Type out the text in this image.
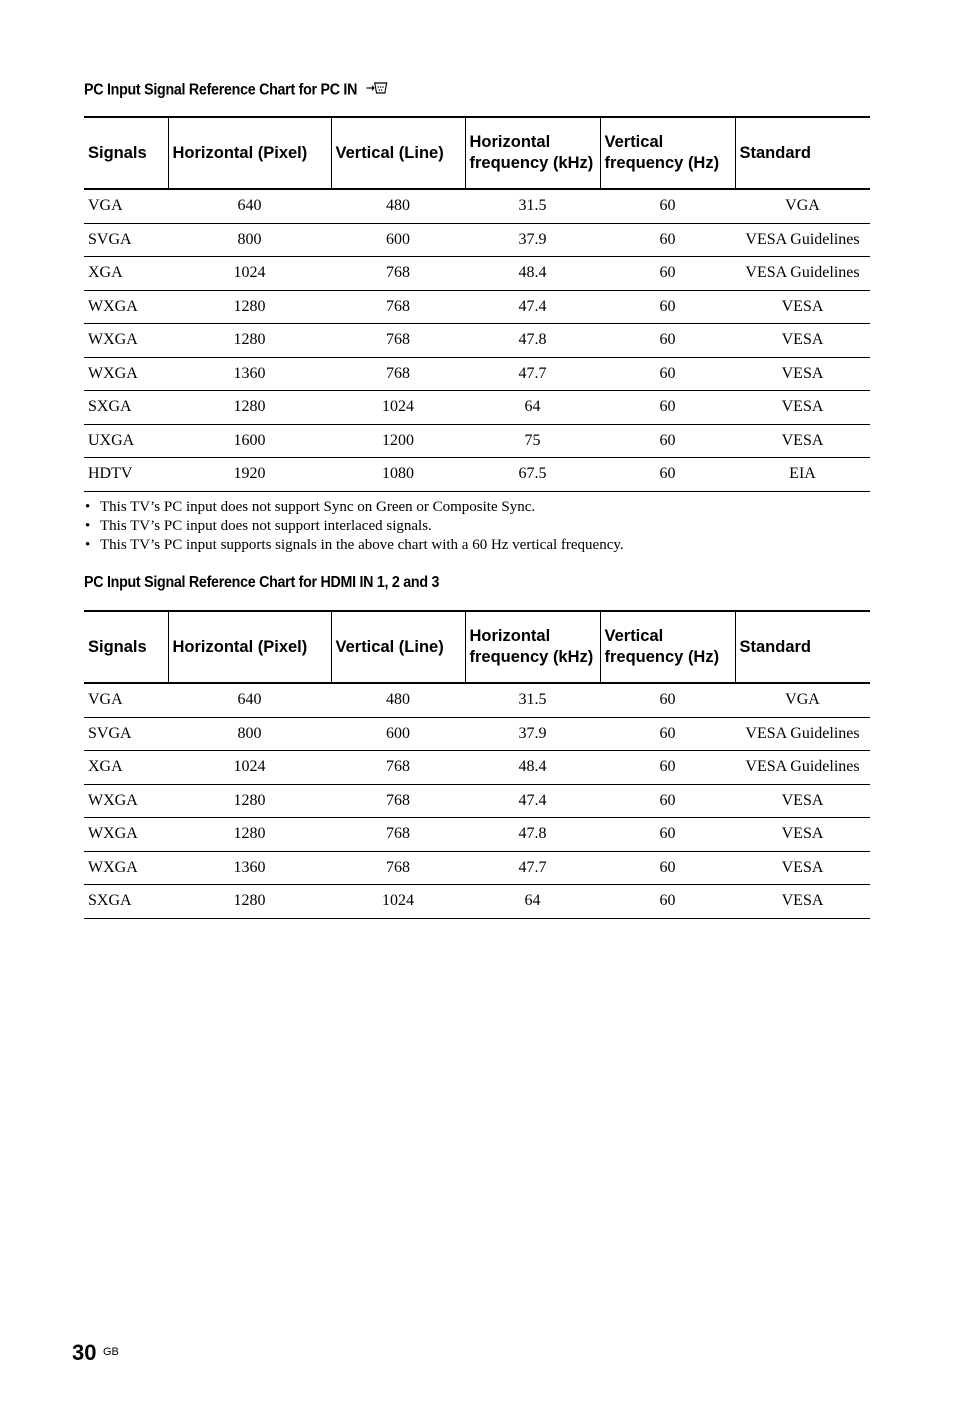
PC Input Signal Reference Chart for PC IN
Signals	Horizontal (Pixel)	Vertical (Line)	Horizontal frequency (kHz)	Vertical frequency (Hz)	Standard
VGA	640	480	31.5	60	VGA
SVGA	800	600	37.9	60	VESA Guidelines
XGA	1024	768	48.4	60	VESA Guidelines
WXGA	1280	768	47.4	60	VESA
WXGA	1280	768	47.8	60	VESA
WXGA	1360	768	47.7	60	VESA
SXGA	1280	1024	64	60	VESA
UXGA	1600	1200	75	60	VESA
HDTV	1920	1080	67.5	60	EIA
• This TV’s PC input does not support Sync on Green or Composite Sync.
• This TV’s PC input does not support interlaced signals.
• This TV’s PC input supports signals in the above chart with a 60 Hz vertical frequency.
PC Input Signal Reference Chart for HDMI IN 1, 2 and 3
Signals	Horizontal (Pixel)	Vertical (Line)	Horizontal frequency (kHz)	Vertical frequency (Hz)	Standard
VGA	640	480	31.5	60	VGA
SVGA	800	600	37.9	60	VESA Guidelines
XGA	1024	768	48.4	60	VESA Guidelines
WXGA	1280	768	47.4	60	VESA
WXGA	1280	768	47.8	60	VESA
WXGA	1360	768	47.7	60	VESA
SXGA	1280	1024	64	60	VESA
30 GB
